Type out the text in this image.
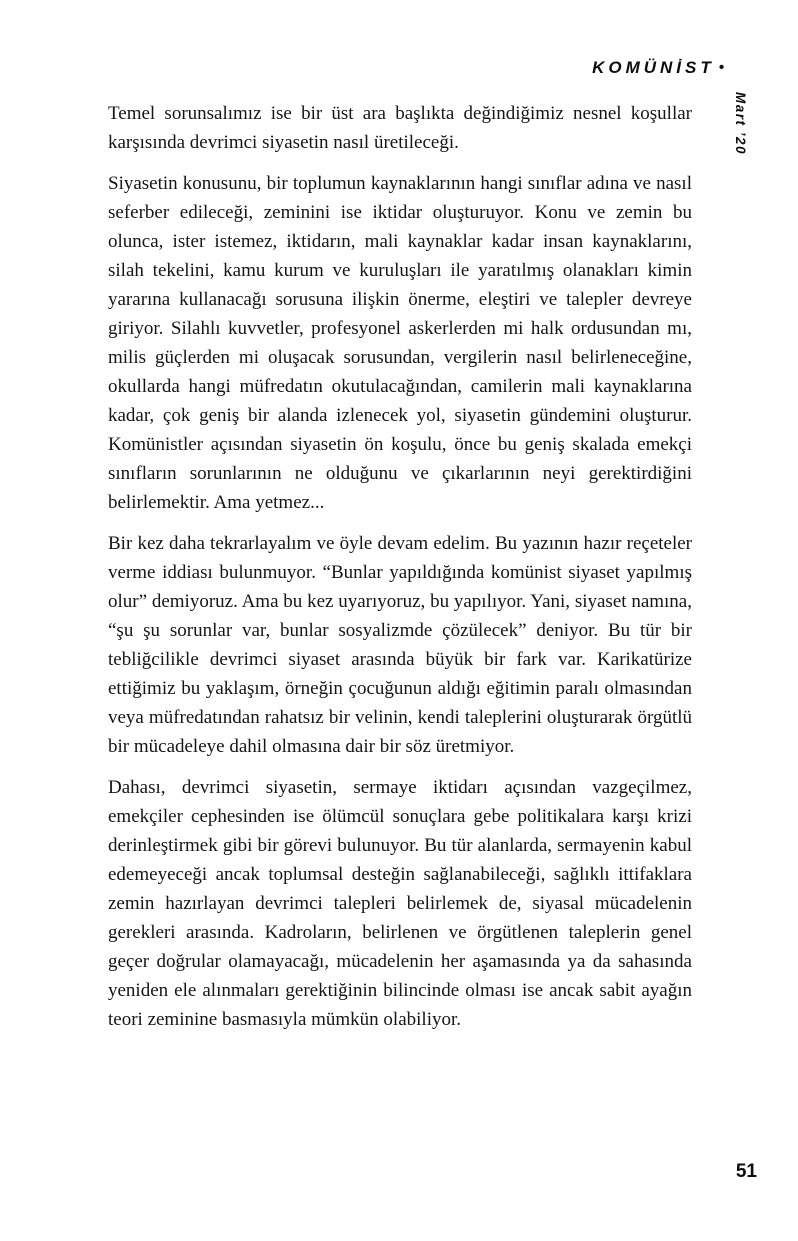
KOMÜNİST •
Mart ’20

Temel sorunsalımız ise bir üst ara başlıkta değindiğimiz nesnel koşullar karşısında devrimci siyasetin nasıl üretileceği.

Siyasetin konusunu, bir toplumun kaynaklarının hangi sınıflar adına ve nasıl seferber edileceği, zeminini ise iktidar oluşturuyor. Konu ve zemin bu olunca, ister istemez, iktidarın, mali kaynaklar kadar insan kaynaklarını, silah tekelini, kamu kurum ve kuruluşları ile yaratılmış olanakları kimin yararına kullanacağı sorusuna ilişkin önerme, eleştiri ve talepler devreye giriyor. Silahlı kuvvetler, profesyonel askerlerden mi halk ordusundan mı, milis güçlerden mi oluşacak sorusundan, vergilerin nasıl belirleneceğine, okullarda hangi müfredatın okutulacağından, camilerin mali kaynaklarına kadar, çok geniş bir alanda izlenecek yol, siyasetin gündemini oluşturur. Komünistler açısından siyasetin ön koşulu, önce bu geniş skalada emekçi sınıfların sorunlarının ne olduğunu ve çıkarlarının neyi gerektirdiğini belirlemektir. Ama yetmez...

Bir kez daha tekrarlayalım ve öyle devam edelim. Bu yazının hazır reçeteler verme iddiası bulunmuyor. “Bunlar yapıldığında komünist siyaset yapılmış olur” demiyoruz. Ama bu kez uyarıyoruz, bu yapılıyor. Yani, siyaset namına, “şu şu sorunlar var, bunlar sosyalizmde çözülecek” deniyor. Bu tür bir tebliğcilikle devrimci siyaset arasında büyük bir fark var. Karikatürize ettiğimiz bu yaklaşım, örneğin çocuğunun aldığı eğitimin paralı olmasından veya müfredatından rahatsız bir velinin, kendi taleplerini oluşturarak örgütlü bir mücadeleye dahil olmasına dair bir söz üretmiyor.

Dahası, devrimci siyasetin, sermaye iktidarı açısından vazgeçilmez, emekçiler cephesinden ise ölümcül sonuçlara gebe politikalara karşı krizi derinleştirmek gibi bir görevi bulunuyor. Bu tür alanlarda, sermayenin kabul edemeyeceği ancak toplumsal desteğin sağlanabileceği, sağlıklı ittifaklara zemin hazırlayan devrimci talepleri belirlemek de, siyasal mücadelenin gerekleri arasında. Kadroların, belirlenen ve örgütlenen taleplerin genel geçer doğrular olamayacağı, mücadelenin her aşamasında ya da sahasında yeniden ele alınmaları gerektiğinin bilincinde olması ise ancak sabit ayağın teori zeminine basmasıyla mümkün olabiliyor.

51
